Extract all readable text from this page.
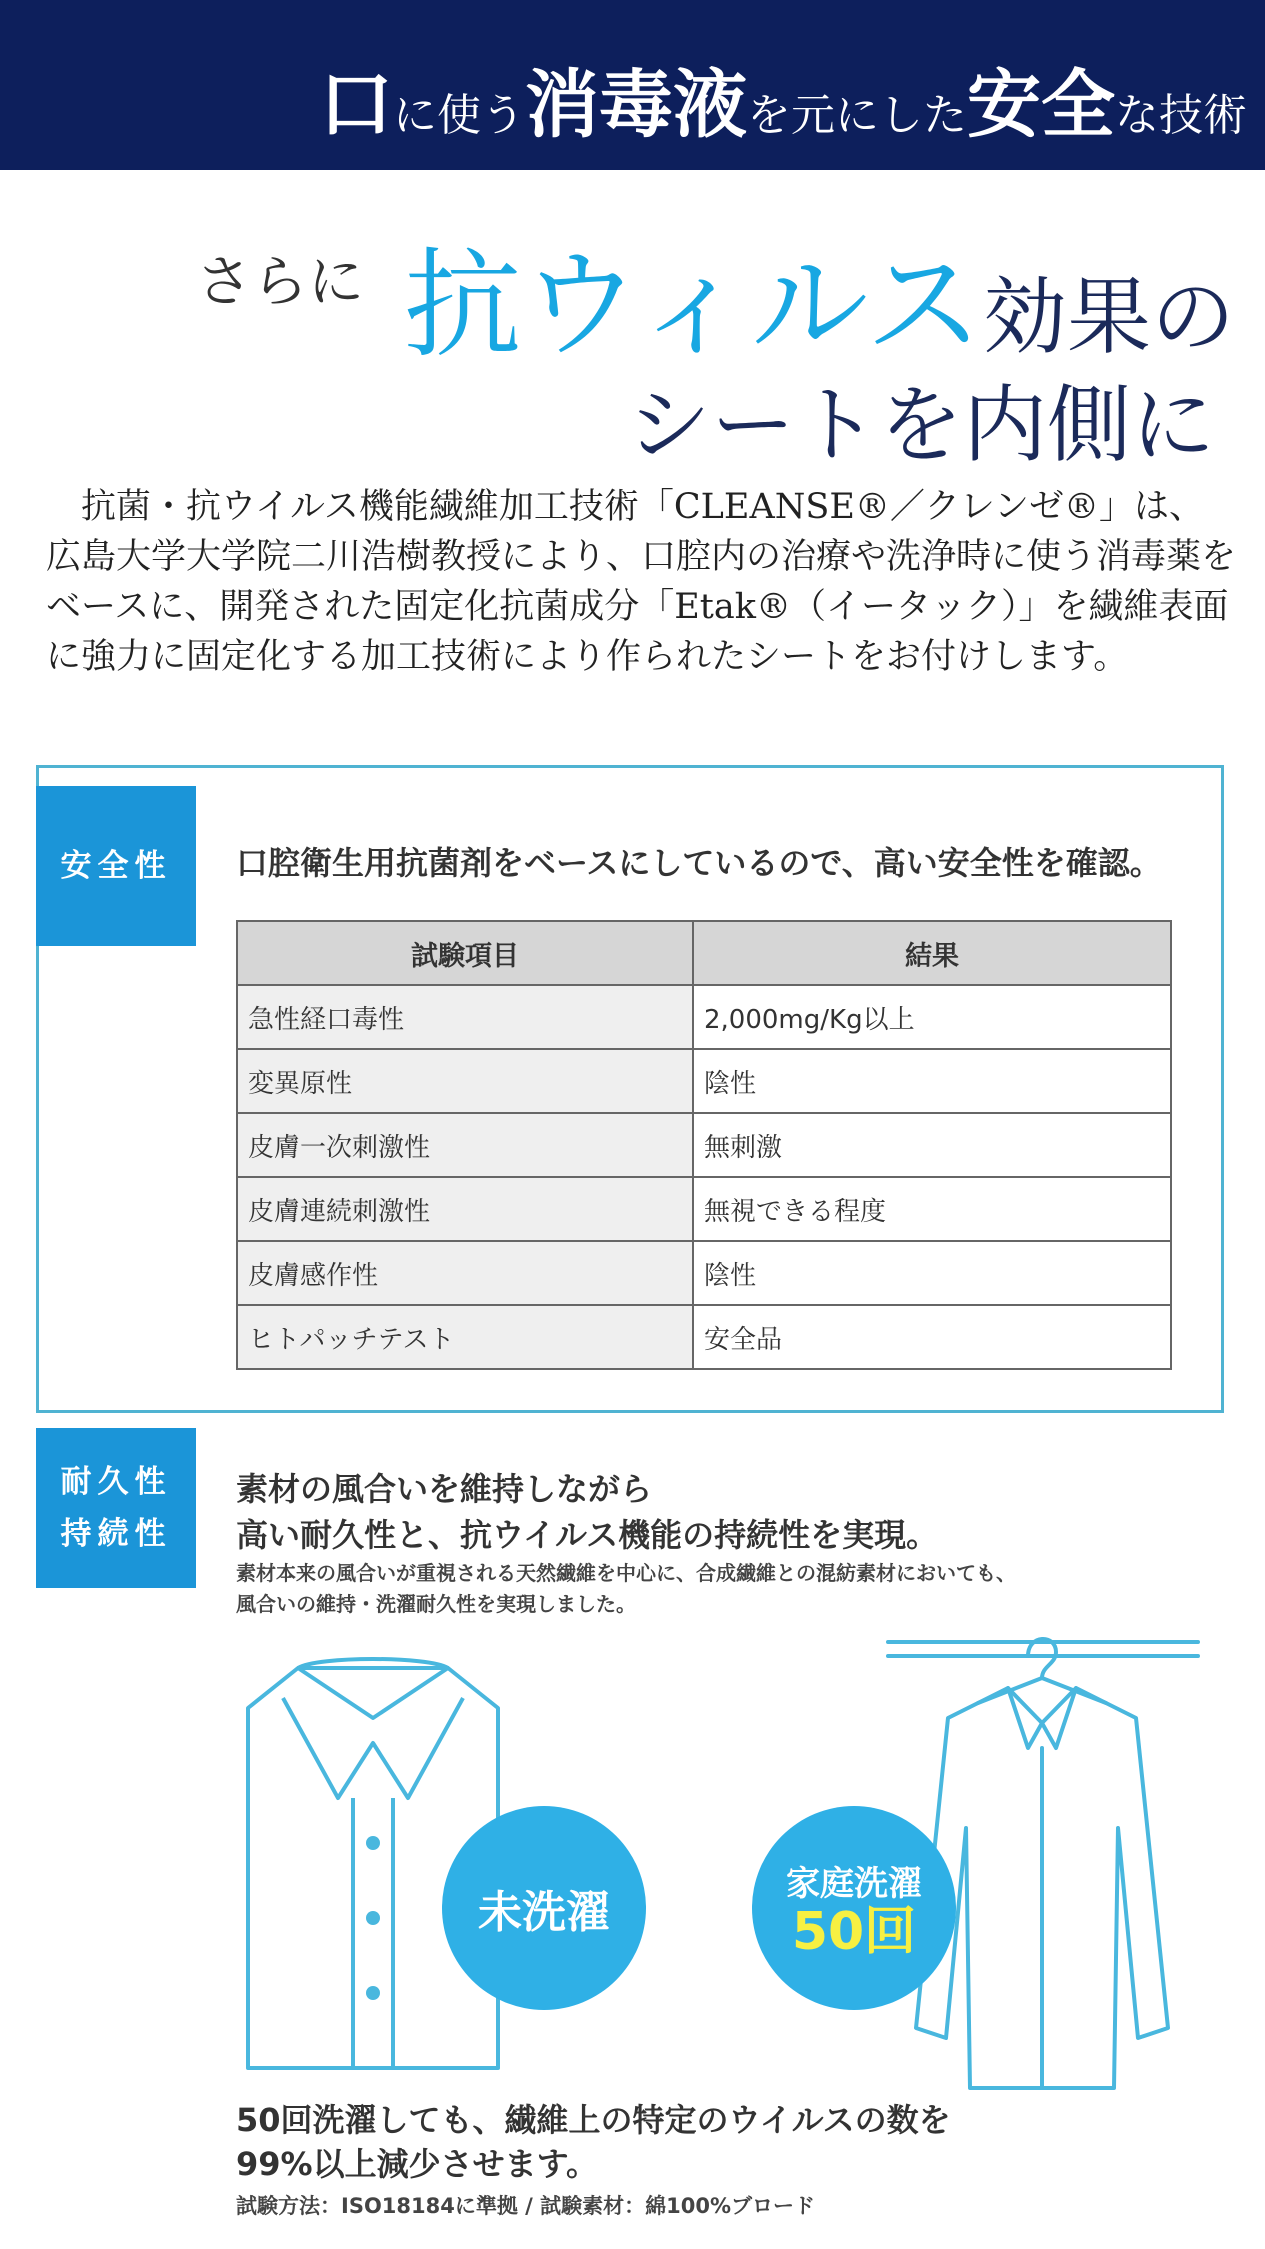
口に使う消毒液を元にした安全な技術
さらに 抗ウィルス効果の
シートを内側に

抗菌・抗ウイルス機能繊維加工技術「CLEANSE®／クレンゼ®」は、広島大学大学院二川浩樹教授により、口腔内の治療や洗浄時に使う消毒薬をベースに、開発された固定化抗菌成分「Etak®（イータック）」を繊維表面に強力に固定化する加工技術により作られたシートをお付けします。

安全性	口腔衛生用抗菌剤をベースにしているので、高い安全性を確認。
試験項目	結果
急性経口毒性	2,000mg/Kg以上
変異原性	陰性
皮膚一次刺激性	無刺激
皮膚連続刺激性	無視できる程度
皮膚感作性	陰性
ヒトパッチテスト	安全品
耐久性
持続性
素材の風合いを維持しながら
高い耐久性と、抗ウイルス機能の持続性を実現。
素材本来の風合いが重視される天然繊維を中心に、合成繊維との混紡素材においても、
風合いの維持・洗濯耐久性を実現しました。
未洗濯
家庭洗濯
50回
50回洗濯しても、繊維上の特定のウイルスの数を
99%以上減少させます。
試験方法：ISO18184に準拠 / 試験素材：綿100%ブロード
